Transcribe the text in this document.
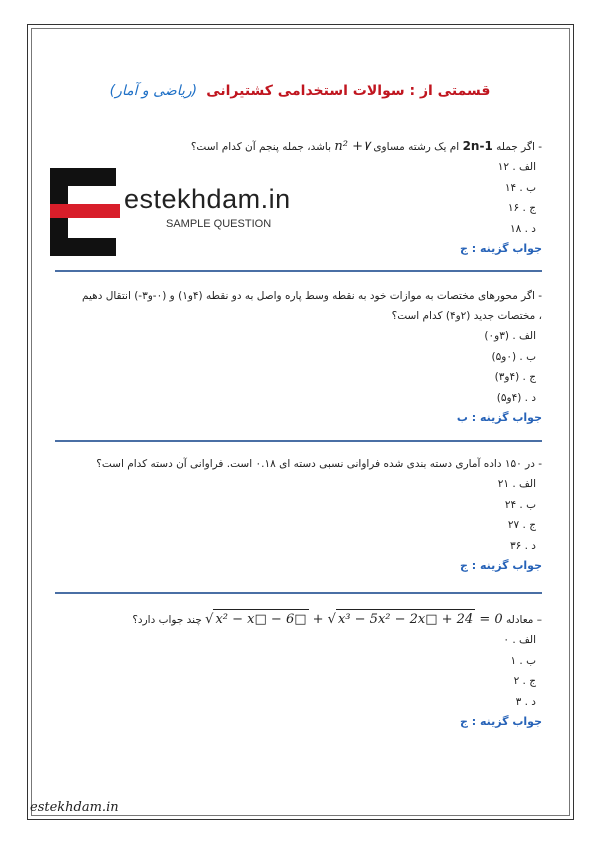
قسمتی از : سوالات استخدامی کشتیرانی (ریاضی و آمار)
- اگر جمله 2n-1 ام یک رشته مساوی n² +۷ باشد، جمله پنجم آن کدام است؟
الف . ۱۲
ب . ۱۴
ج . ۱۶
د . ۱۸
جواب گزینه : ج
estekhdam.in
SAMPLE QUESTION
- اگر محورهای مختصات به موازات خود به نقطه وسط پاره واصل به دو نقطه (۴و۱) و (۰-و۳-) انتقال دهیم
، مختصات جدید (۲و۴) کدام است؟
الف . (۳و۰)
ب . (۰و۵)
ج . (۴و۳)
د . (۴و۵)
جواب گزینه : ب
- در ۱۵۰ داده آماری دسته بندی شده فراوانی نسبی دسته ای ۰.۱۸ است. فراوانی آن دسته کدام است؟
الف . ۲۱
ب . ۲۴
ج . ۲۷
د . ۳۶
جواب گزینه : ج
– معادله √ x² − x□ − 6□ + √ x³ − 5x² − 2x□ + 24 = 0 چند جواب دارد؟
الف . ۰
ب . ۱
ج . ۲
د . ۳
جواب گزینه : ج
estekhdam.in
